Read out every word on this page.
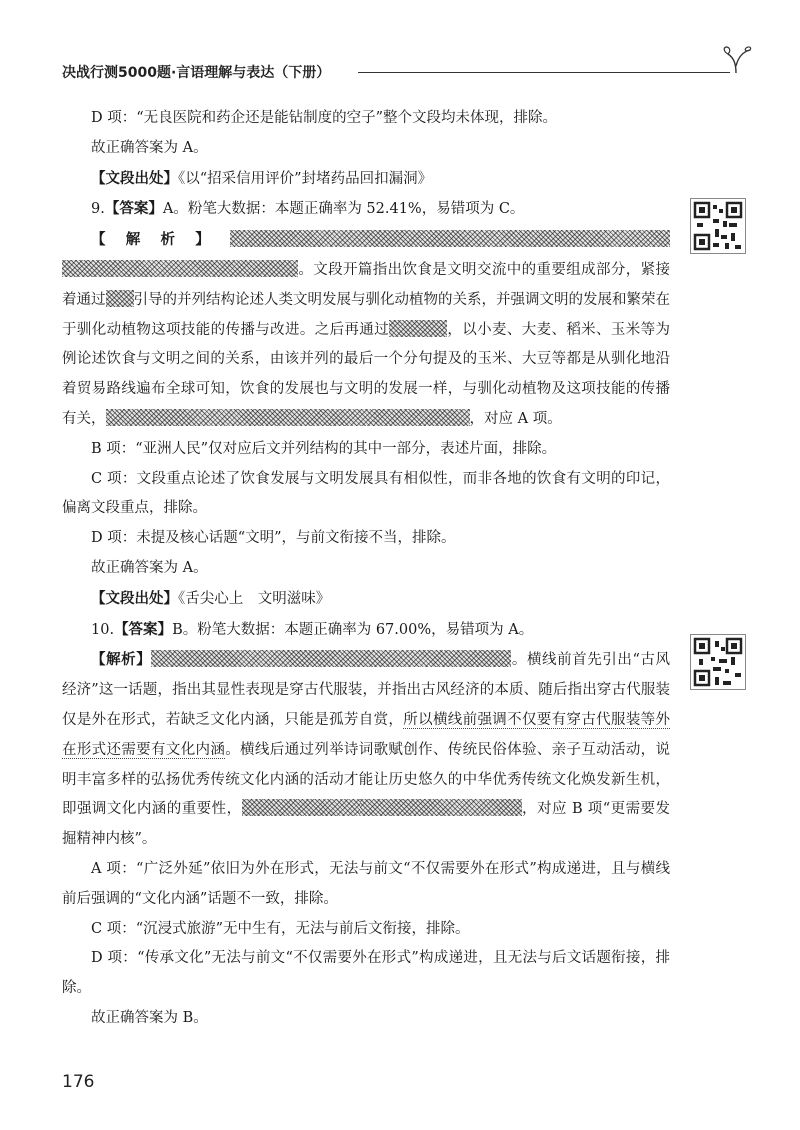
决战行测5000题·言语理解与表达（下册）

D 项：“无良医院和药企还是能钻制度的空子”整个文段均未体现，排除。

故正确答案为 A。

【文段出处】《以“招采信用评价”封堵药品回扣漏洞》

9.【答案】A。粉笔大数据：本题正确率为 52.41%，易错项为 C。

【解析】。文段开篇指出饮食是文明交流中的重要组成部分，紧接着通过 引导的并列结构论述人类文明发展与驯化动植物的关系，并强调文明的发展和繁荣在于驯化动植物这项技能的传播与改进。之后再通过	，以小麦、大麦、稻米、玉米等为例论述饮食与文明之间的关系，由该并列的最后一个分句提及的玉米、大豆等都是从驯化地沿着贸易路线遍布全球可知，饮食的发展也与文明的发展一样，与驯化动植物及这项技能的传播有关，	，对应 A 项。

B 项：“亚洲人民”仅对应后文并列结构的其中一部分，表述片面，排除。

C 项：文段重点论述了饮食发展与文明发展具有相似性，而非各地的饮食有文明的印记，偏离文段重点，排除。

D 项：未提及核心话题“文明”，与前文衔接不当，排除。

故正确答案为 A。

【文段出处】《舌尖心上　文明滋味》

10.【答案】B。粉笔大数据：本题正确率为 67.00%，易错项为 A。

【解析】	。横线前首先引出“古风经济”这一话题，指出其显性表现是穿古代服装，并指出古风经济的本质、随后指出穿古代服装仅是外在形式，若缺乏文化内涵，只能是孤芳自赏，所以横线前强调不仅要有穿古代服装等外在形式还需要有文化内涵。横线后通过列举诗词歌赋创作、传统民俗体验、亲子互动活动，说明丰富多样的弘扬优秀传统文化内涵的活动才能让历史悠久的中华优秀传统文化焕发新生机，即强调文化内涵的重要性，	，对应 B 项“更需要发掘精神内核”。

A 项：“广泛外延”依旧为外在形式，无法与前文“不仅需要外在形式”构成递进，且与横线前后强调的“文化内涵”话题不一致，排除。

C 项：“沉浸式旅游”无中生有，无法与前后文衔接，排除。

D 项：“传承文化”无法与前文“不仅需要外在形式”构成递进，且无法与后文话题衔接，排除。

故正确答案为 B。

176
